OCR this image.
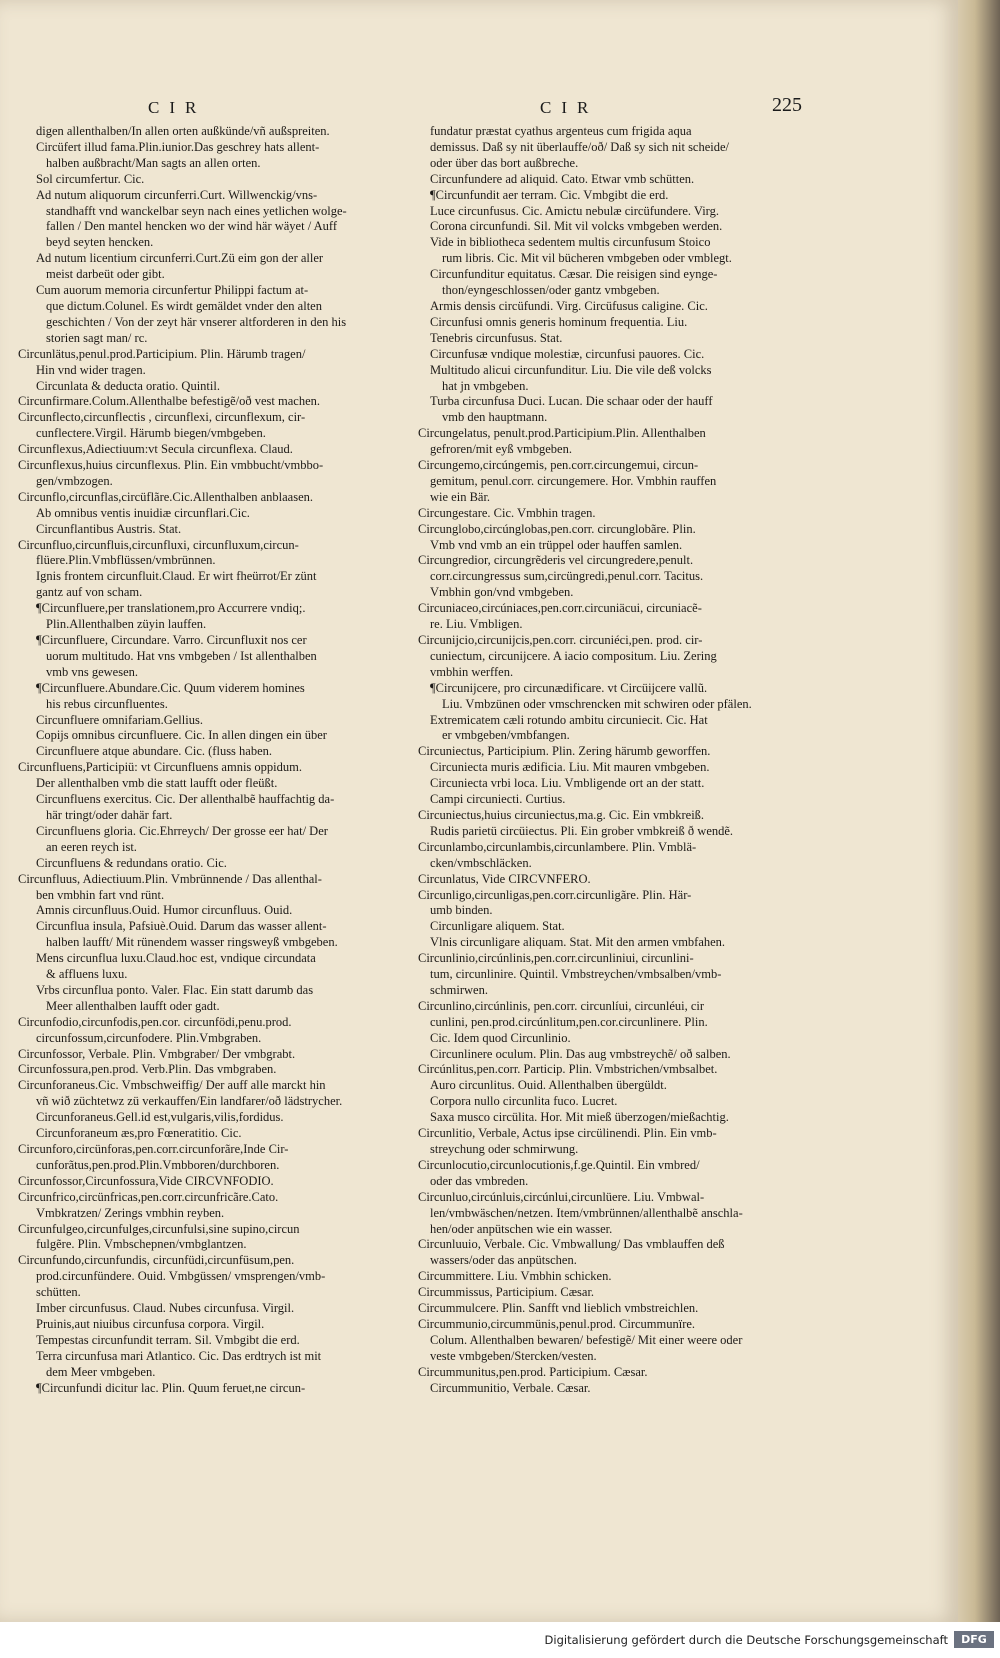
CIR	CIR	225
digen allenthalben/In allen orten außkünde/vñ außspreiten.
Circüfert illud fama.Plin.iunior.Das geschrey hats allent-
halben außbracht/Man sagts an allen orten.
Sol circumfertur. Cic.
Ad nutum aliquorum circunferri.Curt. Willwenckig/vns-
standhafft vnd wanckelbar seyn nach eines yetlichen wolge-
fallen / Den mantel hencken wo der wind här wäyet / Auff
beyd seyten hencken.
Ad nutum licentium circunferri.Curt.Zü eim gon der aller
meist darbeüt oder gibt.
Cum auorum memoria circunfertur Philippi factum at-
que dictum.Colunel. Es wirdt gemäldet vnder den alten
geschichten / Von der zeyt här vnserer altforderen in den his
storien sagt man/ rc.
Circunlätus,penul.prod.Participium. Plin. Härumb tragen/
Hin vnd wider tragen.
Circunlata & deducta oratio. Quintil.
Circunfirmare.Colum.Allenthalbe befestigẽ/oð vest machen.
Circunflecto,circunflectis , circunflexi, circunflexum, cir-
cunflectere.Virgil. Härumb biegen/vmbgeben.
Circunflexus,Adiectiuum:vt Secula circunflexa. Claud.
Circunflexus,huius circunflexus. Plin. Ein vmbbucht/vmbbo-
gen/vmbzogen.
Circunflo,circunflas,circüflãre.Cic.Allenthalben anblaasen.
Ab omnibus ventis inuidiæ circunflari.Cic.
Circunflantibus Austris. Stat.
Circunfluo,circunfluis,circunfluxi, circunfluxum,circun-
flüere.Plin.Vmbflüssen/vmbrünnen.
Ignis frontem circunfluit.Claud. Er wirt fheürrot/Er zünt
gantz auf von scham.
¶Circunfluere,per translationem,pro Accurrere vndiq;.
Plin.Allenthalben züyin lauffen.
¶Circunfluere, Circundare. Varro. Circunfluxit nos cer
uorum multitudo. Hat vns vmbgeben / Ist allenthalben
vmb vns gewesen.
¶Circunfluere.Abundare.Cic. Quum viderem homines
his rebus circunfluentes.
Circunfluere omnifariam.Gellius.
Copijs omnibus circunfluere. Cic. In allen dingen ein über
Circunfluere atque abundare. Cic. (fluss haben.
Circunfluens,Participiü: vt Circunfluens amnis oppidum.
Der allenthalben vmb die statt laufft oder fleüßt.
Circunfluens exercitus. Cic. Der allenthalbẽ hauffachtig da-
här tringt/oder dahär fart.
Circunfluens gloria. Cic.Ehrreych/ Der grosse eer hat/ Der
an eeren reych ist.
Circunfluens & redundans oratio. Cic.
Circunfluus, Adiectiuum.Plin. Vmbrünnende / Das allenthal-
ben vmbhin fart vnd rünt.
Amnis circunfluus.Ouid. Humor circunfluus. Ouid.
Circunflua insula, Pafsiuè.Ouid. Darum das wasser allent-
halben laufft/ Mit rünendem wasser ringsweyß vmbgeben.
Mens circunflua luxu.Claud.hoc est, vndique circundata
& affluens luxu.
Vrbs circunflua ponto. Valer. Flac. Ein statt darumb das
Meer allenthalben laufft oder gadt.
Circunfodio,circunfodis,pen.cor. circunfödi,penu.prod.
circunfossum,circunfodere. Plin.Vmbgraben.
Circunfossor, Verbale. Plin. Vmbgraber/ Der vmbgrabt.
Circunfossura,pen.prod. Verb.Plin. Das vmbgraben.
Circunforaneus.Cic. Vmbschweiffig/ Der auff alle marckt hin
vñ wið züchtetwz zü verkauffen/Ein landfarer/oð lädstrycher.
Circunforaneus.Gell.id est,vulgaris,vilis,fordidus.
Circunforaneum æs,pro Fœneratitio. Cic.
Circunforo,circünforas,pen.corr.circunforãre,Inde Cir-
cunforãtus,pen.prod.Plin.Vmbboren/durchboren.
Circunfossor,Circunfossura,Vide CIRCVNFODIO.
Circunfrico,circünfricas,pen.corr.circunfricãre.Cato.
Vmbkratzen/ Zerings vmbhin reyben.
Circunfulgeo,circunfulges,circunfulsi,sine supino,circun
fulgẽre. Plin. Vmbschepnen/vmbglantzen.
Circunfundo,circunfundis, circunfüdi,circunfüsum,pen.
prod.circunfündere. Ouid. Vmbgüssen/ vmsprengen/vmb-
schütten.
Imber circunfusus. Claud. Nubes circunfusa. Virgil.
Pruinis,aut niuibus circunfusa corpora. Virgil.
Tempestas circunfundit terram. Sil. Vmbgibt die erd.
Terra circunfusa mari Atlantico. Cic. Das erdtrych ist mit
dem Meer vmbgeben.
¶Circunfundi dicitur lac. Plin. Quum feruet,ne circun-
fundatur præstat cyathus argenteus cum frigida aqua
demissus. Daß sy nit überlauffe/oð/ Daß sy sich nit scheide/
oder über das bort außbreche.
Circunfundere ad aliquid. Cato. Etwar vmb schütten.
¶Circunfundit aer terram. Cic. Vmbgibt die erd.
Luce circunfusus. Cic. Amictu nebulæ circüfundere. Virg.
Corona circunfundi. Sil. Mit vil volcks vmbgeben werden.
Vide in bibliotheca sedentem multis circunfusum Stoico
rum libris. Cic. Mit vil bücheren vmbgeben oder vmblegt.
Circunfunditur equitatus. Cæsar. Die reisigen sind eynge-
thon/eyngeschlossen/oder gantz vmbgeben.
Armis densis circüfundi. Virg. Circüfusus caligine. Cic.
Circunfusi omnis generis hominum frequentia. Liu.
Tenebris circunfusus. Stat.
Circunfusæ vndique molestiæ, circunfusi pauores. Cic.
Multitudo alicui circunfunditur. Liu. Die vile deß volcks
hat jn vmbgeben.
Turba circunfusa Duci. Lucan. Die schaar oder der hauff
vmb den hauptmann.
Circungelatus, penult.prod.Participium.Plin. Allenthalben
gefroren/mit eyß vmbgeben.
Circungemo,circúngemis, pen.corr.circungemui, circun-
gemitum, penul.corr. circungemere. Hor. Vmbhin rauffen
wie ein Bär.
Circungestare. Cic. Vmbhin tragen.
Circunglobo,circúnglobas,pen.corr. circunglobãre. Plin.
Vmb vnd vmb an ein trüppel oder hauffen samlen.
Circungredior, circungrẽderis vel circungredere,penult.
corr.circungressus sum,circüngredi,penul.corr. Tacitus.
Vmbhin gon/vnd vmbgeben.
Circuniaceo,circúniaces,pen.corr.circuniäcui, circuniacẽ-
re. Liu. Vmbligen.
Circunijcio,circunijcis,pen.corr. circuniéci,pen. prod. cir-
cuniectum, circunijcere. A iacio compositum. Liu. Zering
vmbhin werffen.
¶Circunijcere, pro circunædificare. vt Circüijcere vallũ.
Liu. Vmbzünen oder vmschrencken mit schwiren oder pfälen.
Extremicatem cæli rotundo ambitu circuniecit. Cic. Hat
er vmbgeben/vmbfangen.
Circuniectus, Participium. Plin. Zering härumb geworffen.
Circuniecta muris ædificia. Liu. Mit mauren vmbgeben.
Circuniecta vrbi loca. Liu. Vmbligende ort an der statt.
Campi circuniecti. Curtius.
Circuniectus,huius circuniectus,ma.g. Cic. Ein vmbkreiß.
Rudis parietü circüiectus. Pli. Ein grober vmbkreiß ð wendẽ.
Circunlambo,circunlambis,circunlambere. Plin. Vmblä-
cken/vmbschläcken.
Circunlatus, Vide CIRCVNFERO.
Circunligo,circunligas,pen.corr.circunligãre. Plin. Här-
umb binden.
Circunligare aliquem. Stat.
Vlnis circunligare aliquam. Stat. Mit den armen vmbfahen.
Circunlinio,circúnlinis,pen.corr.circunliniui, circunlini-
tum, circunlinire. Quintil. Vmbstreychen/vmbsalben/vmb-
schmirwen.
Circunlino,circúnlinis, pen.corr. circunlíui, circunléui, cir
cunlini, pen.prod.circúnlitum,pen.cor.circunlinere. Plin.
Cic. Idem quod Circunlinio.
Circunlinere oculum. Plin. Das aug vmbstreychẽ/ oð salben.
Circúnlitus,pen.corr. Particip. Plin. Vmbstrichen/vmbsalbet.
Auro circunlitus. Ouid. Allenthalben übergüldt.
Corpora nullo circunlita fuco. Lucret.
Saxa musco circülita. Hor. Mit mieß überzogen/mießachtig.
Circunlitio, Verbale, Actus ipse circülinendi. Plin. Ein vmb-
streychung oder schmirwung.
Circunlocutio,circunlocutionis,f.ge.Quintil. Ein vmbred/
oder das vmbreden.
Circunluo,circúnluis,circúnlui,circunlüere. Liu. Vmbwal-
len/vmbwäschen/netzen. Item/vmbrünnen/allenthalbẽ anschla-
hen/oder anpütschen wie ein wasser.
Circunluuio, Verbale. Cic. Vmbwallung/ Das vmblauffen deß
wassers/oder das anpütschen.
Circummittere. Liu. Vmbhin schicken.
Circummissus, Participium. Cæsar.
Circummulcere. Plin. Sanfft vnd lieblich vmbstreichlen.
Circummunio,circummünis,penul.prod. Circummunïre.
Colum. Allenthalben bewaren/ befestigẽ/ Mit einer weere oder
veste vmbgeben/Stercken/vesten.
Circummunitus,pen.prod. Participium. Cæsar.
Circummunitio, Verbale. Cæsar.
Digitalisierung gefördert durch die Deutsche Forschungsgemeinschaft	DFG
